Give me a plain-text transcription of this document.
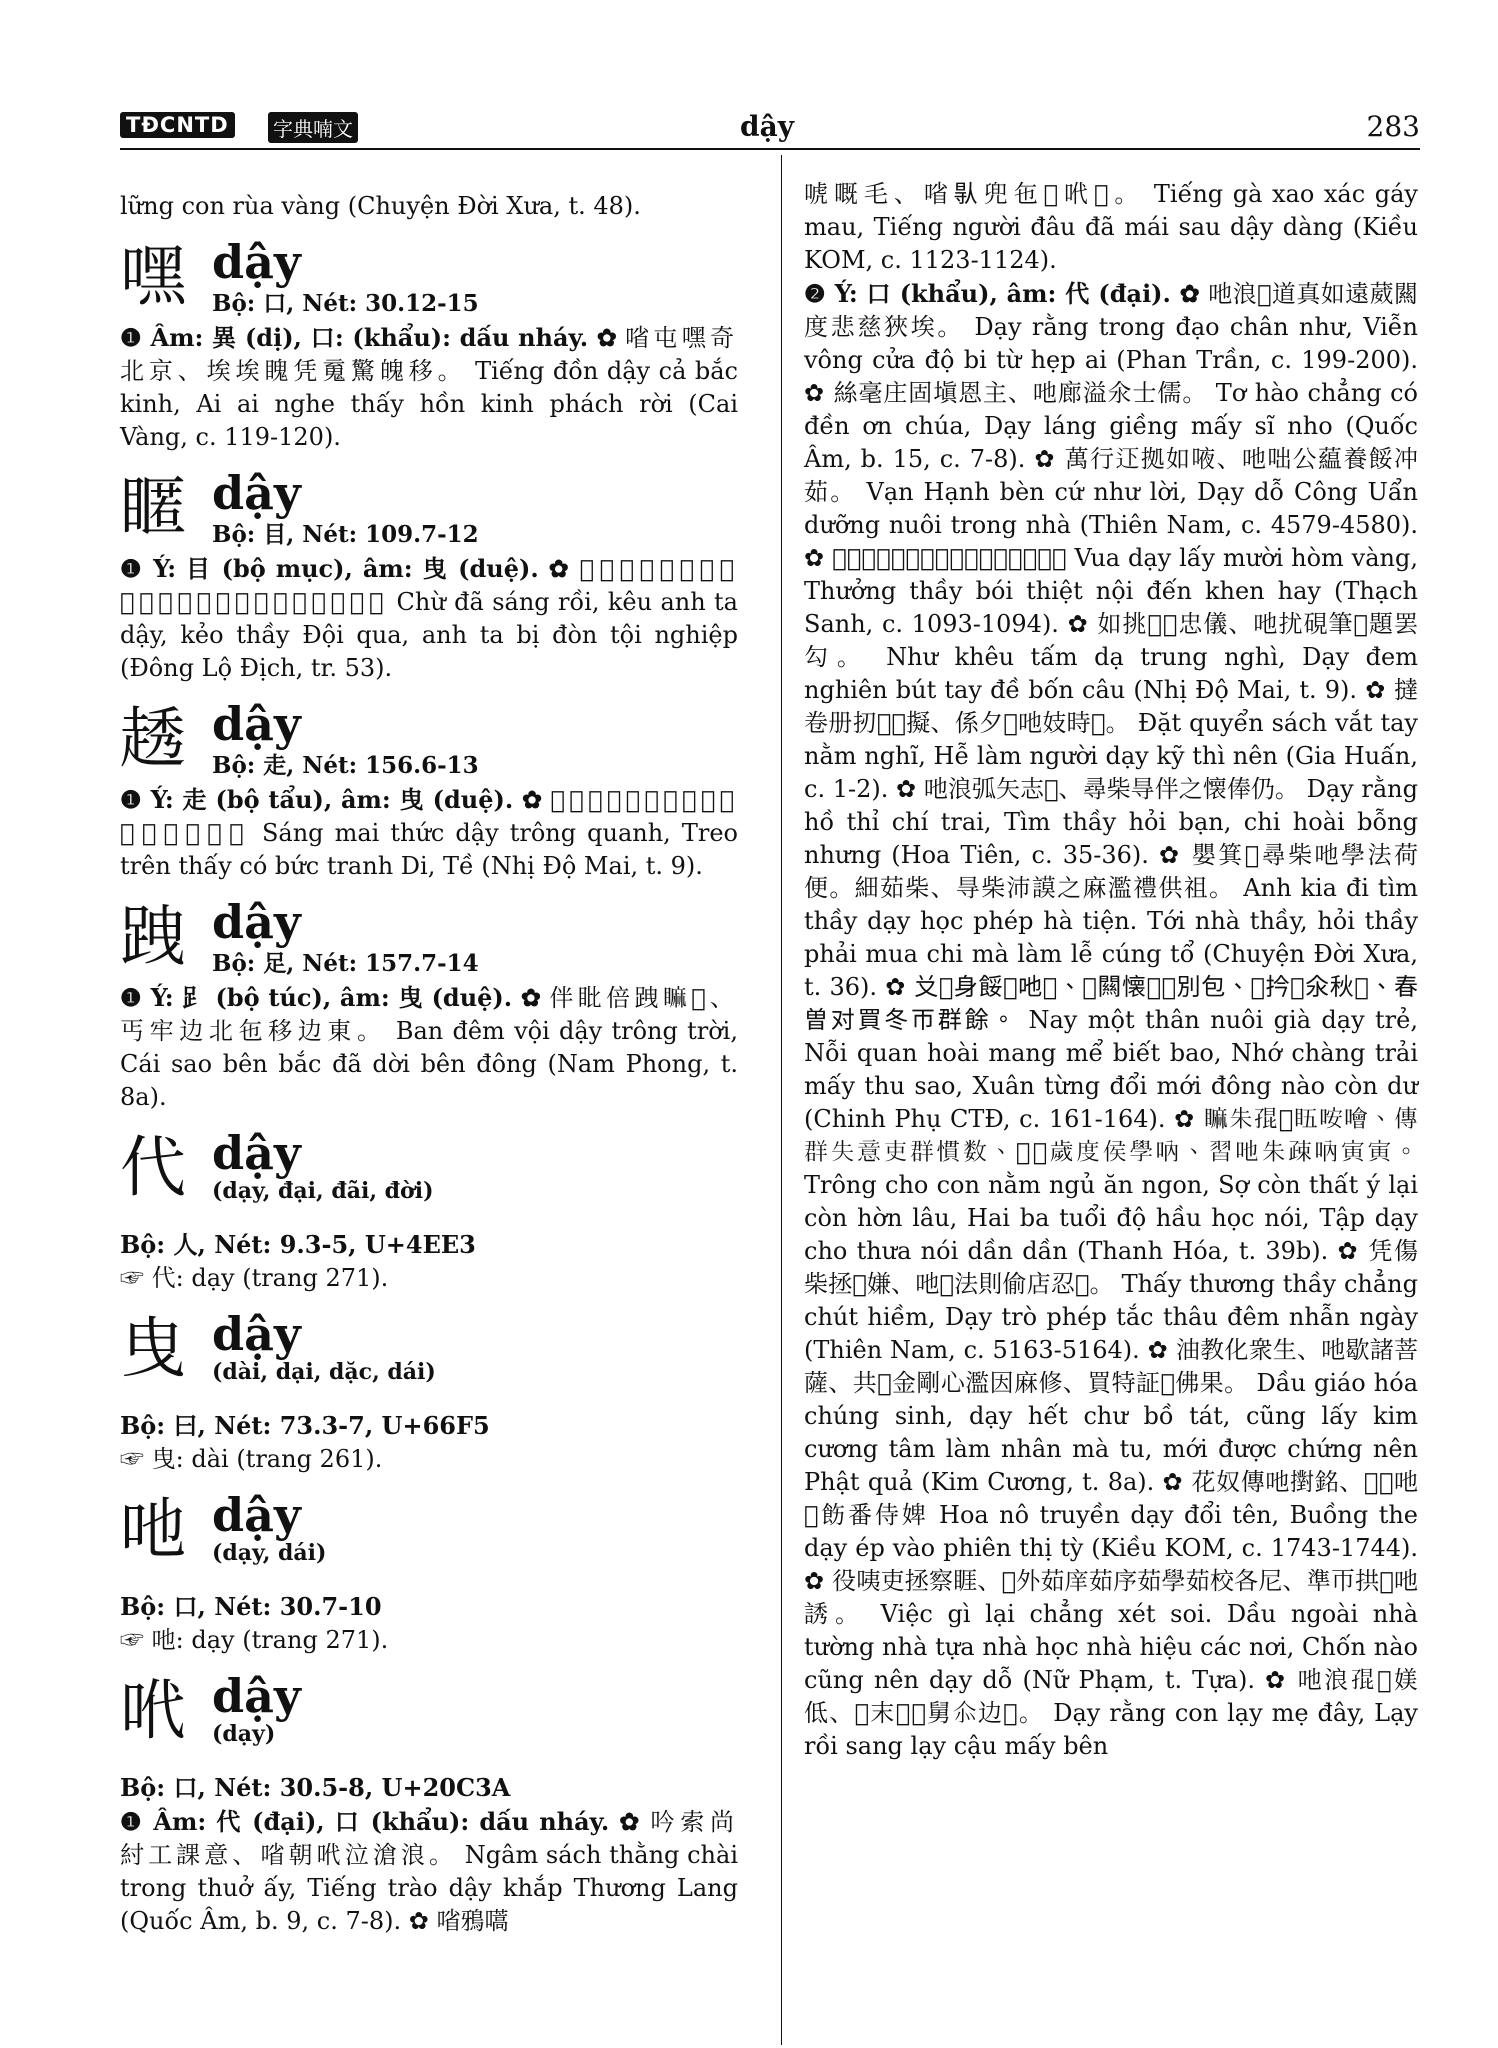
TĐCNTD	字典喃文	dậy	283

lững con rùa vàng (Chuyện Đời Xưa, t. 48).

嘿 dậy
Bộ: 口, Nét: 30.12-15

❶ Âm: 異 (dị), 口: (khẩu): dấu nháy. ✿ 㗂屯嘿奇北京、埃埃䁛凭䰟驚魄移。 Tiếng đồn dậy cả bắc kinh, Ai ai nghe thấy hồn kinh phách rời (Cai Vàng, c. 119-120).

䁥 dậy
Bộ: 目, Nét: 109.7-12

❶ Ý: 目 (bộ mục), âm: 曳 (duệ). ✿ 𠽋㐌創末、叫英些䁥、矯柴隊戈、英些被扽罪業。 Chừ đã sáng rồi, kêu anh ta dậy, kẻo thầy Đội qua, anh ta bị đòn tội nghiệp (Đông Lộ Địch, tr. 53).

䞬 dậy
Bộ: 走, Nét: 156.6-13

❶ Ý: 走 (bộ tẩu), âm: 曳 (duệ). ✿ 𣋽晁𥉫䞬𥊚䀡、撩𨕭凭固幅峥夷齊。 Sáng mai thức dậy trông quanh, Treo trên thấy có bức tranh Di, Tề (Nhị Độ Mai, t. 9).

跩 dậy
Bộ: 足, Nét: 157.7-14

❶ Ý: 𧾷 (bộ túc), âm: 曳 (duệ). ✿ 伴䀝倍跩𥊚𡗶、丐牢边北㐌移边東。 Ban đêm vội dậy trông trời, Cái sao bên bắc đã dời bên đông (Nam Phong, t. 8a).

代 dậy
(dạy, đại, đãi, đời)

Bộ: 人, Nét: 9.3-5, U+4EE3

☞ 代: dạy (trang 271).

曳 dậy
(dài, dại, dặc, dái)

Bộ: 曰, Nét: 73.3-7, U+66F5

☞ 曳: dài (trang 261).

吔 dậy
(dạy, dái)

Bộ: 口, Nét: 30.7-10

☞ 吔: dạy (trang 271).

𠰺 dậy
(dạy)

Bộ: 口, Nét: 30.5-8, U+20C3A

❶ Âm: 代 (đại), 口 (khẩu): dấu nháy. ✿ 吟索尚紂工課意、㗂朝𠰺泣滄浪。 Ngâm sách thằng chài trong thuở ấy, Tiếng trào dậy khắp Thương Lang (Quốc Âm, b. 9, c. 7-8). ✿ 㗂鴉嚆

唬嘅毛、㗂𠊛兜㐌𠾕𠰺𣅙。 Tiếng gà xao xác gáy mau, Tiếng người đâu đã mái sau dậy dàng (Kiều KOM, c. 1123-1124).

❷ Ý: 口 (khẩu), âm: 代 (đại). ✿ 吔浪𨀈道真如遠葳闗度悲慈狹埃。 Dạy rằng trong đạo chân như, Viễn vông cửa độ bi từ hẹp ai (Phan Trần, c. 199-200). ✿ 絲毫庄固塡恩主、吔廊溢氽士儒。 Tơ hào chẳng có đền ơn chúa, Dạy láng giềng mấy sĩ nho (Quốc Âm, b. 15, c. 7-8). ✿ 萬行𨑜拠如㖡、吔咄公藴養餒冲茹。 Vạn Hạnh bèn cứ như lời, Dạy dỗ Công Uẩn dưỡng nuôi trong nhà (Thiên Nam, c. 4579-4580). ✿ 𤤰吔袒辻𠀧鐄、賞柴卟実内細𠸒台。 Vua dạy lấy mười hòm vàng, Thưởng thầy bói thiệt nội đến khen hay (Thạch Sanh, c. 1093-1094). ✿ 如挑𦛋𦛋忠儀、吔扰硯筆𢬣題罢勾。 Như khêu tấm dạ trung nghì, Dạy đem nghiên bút tay đề bốn câu (Nhị Độ Mai, t. 9). ✿ 撻卷册扨𢬣𦣰擬、係夕𠊛吔妓時𨁪。 Đặt quyển sách vắt tay nằm nghĩ, Hễ làm người dạy kỹ thì nên (Gia Huấn, c. 1-2). ✿ 吔浪弧矢志𠸒、尋柴㝵伴之懐俸仍。 Dạy rằng hồ thỉ chí trai, Tìm thầy hỏi bạn, chi hoài bỗng nhưng (Hoa Tiên, c. 35-36). ✿ 嬰箕𧼋尋柴吔學法荷便。細茹柴、㝵柴沛謨之麻濫禮供祖。 Anh kia đi tìm thầy dạy học phép hà tiện. Tới nhà thầy, hỏi thầy phải mua chi mà làm lễ cúng tổ (Chuyện Đời Xưa, t. 36). ✿ 𠬠𦛌身餒𦓅吔𠀲、𢬣闗懐𣚻𤽗別包、𡢼扲𥒥氽秋𨂼、春曽对買冬帀群餘。 Nay một thân nuôi già dạy trẻ, Nỗi quan hoài mang mể biết bao, Nhớ chàng trải mấy thu sao, Xuân từng đổi mới đông nào còn dư (Chinh Phụ CTĐ, c. 161-164). ✿ 𥊚朱𡥵𦣰𥄬咹噲、傳群失意吏群慣数、𠄼𠀧歲度侯學吶、習吔朱疎吶寅寅。 Trông cho con nằm ngủ ăn ngon, Sợ còn thất ý lại còn hờn lâu, Hai ba tuổi độ hầu học nói, Tập dạy cho thưa nói dần dần (Thanh Hóa, t. 39b). ✿ 凭傷柴拯𢧚嫌、吔𡗉法則偷店忍𣈜。 Thấy thương thầy chẳng chút hiềm, Dạy trò phép tắc thâu đêm nhẫn ngày (Thiên Nam, c. 5163-5164). ✿ 油教化衆生、吔歇諸菩薩、共𥙩金剛心濫因麻修、買特証𢧚佛果。 Dầu giáo hóa chúng sinh, dạy hết chư bồ tát, cũng lấy kim cương tâm làm nhân mà tu, mới được chứng nên Phật quả (Kim Cương, t. 8a). ✿ 花奴傳吔𢷮銘、𡞕𥵢吔𠾕飭番侍婢 Hoa nô truyền dạy đổi tên, Buồng the dạy ép vào phiên thị tỳ (Kiều KOM, c. 1743-1744). ✿ 役咦吏拯察睚、𠓨外茹庠茹序茹學茹校各尼、準帀拱𢧚吔誘。 Việc gì lại chẳng xét soi. Dầu ngoài nhà tường nhà tựa nhà học nhà hiệu các nơi, Chốn nào cũng nên dạy dỗ (Nữ Phạm, t. Tựa). ✿ 吔浪𡥵𥚄媄低、𥚄末𨖅𥚄舅𠇍边𥐇。 Dạy rằng con lạy mẹ đây, Lạy rồi sang lạy cậu mấy bên
